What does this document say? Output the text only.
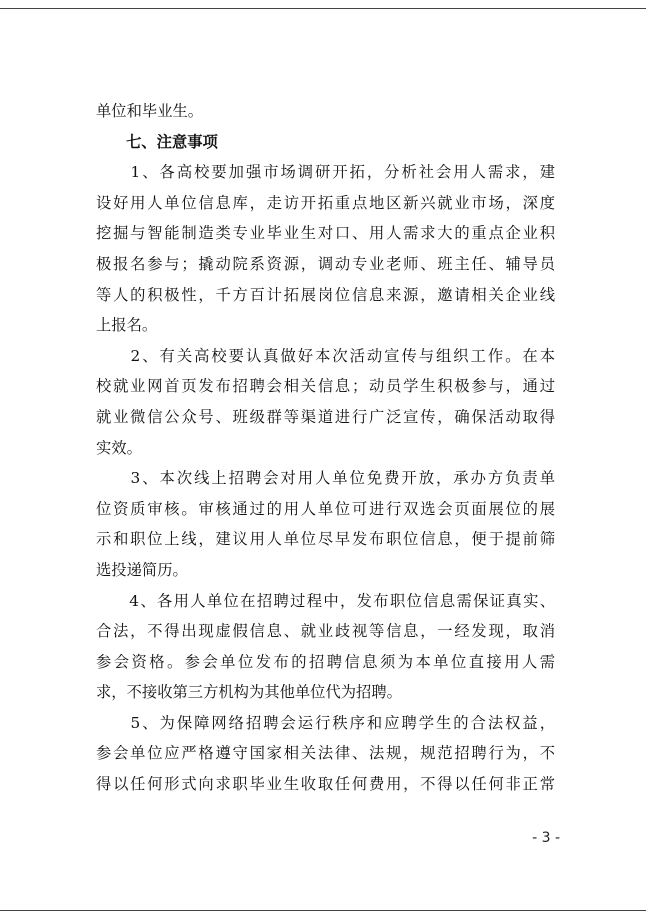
单位和毕业生。
七、注意事项
　　1、各高校要加强市场调研开拓，分析社会用人需求，建
设好用人单位信息库，走访开拓重点地区新兴就业市场，深度
挖掘与智能制造类专业毕业生对口、用人需求大的重点企业积
极报名参与；撬动院系资源，调动专业老师、班主任、辅导员
等人的积极性，千方百计拓展岗位信息来源，邀请相关企业线
上报名。
　　2、有关高校要认真做好本次活动宣传与组织工作。在本
校就业网首页发布招聘会相关信息；动员学生积极参与，通过
就业微信公众号、班级群等渠道进行广泛宣传，确保活动取得
实效。
　　3、本次线上招聘会对用人单位免费开放，承办方负责单
位资质审核。审核通过的用人单位可进行双选会页面展位的展
示和职位上线，建议用人单位尽早发布职位信息，便于提前筛
选投递简历。
　　4、各用人单位在招聘过程中，发布职位信息需保证真实、
合法，不得出现虚假信息、就业歧视等信息，一经发现，取消
参会资格。参会单位发布的招聘信息须为本单位直接用人需
求，不接收第三方机构为其他单位代为招聘。
　　5、为保障网络招聘会运行秩序和应聘学生的合法权益，
参会单位应严格遵守国家相关法律、法规，规范招聘行为，不
得以任何形式向求职毕业生收取任何费用，不得以任何非正常
- 3 -
